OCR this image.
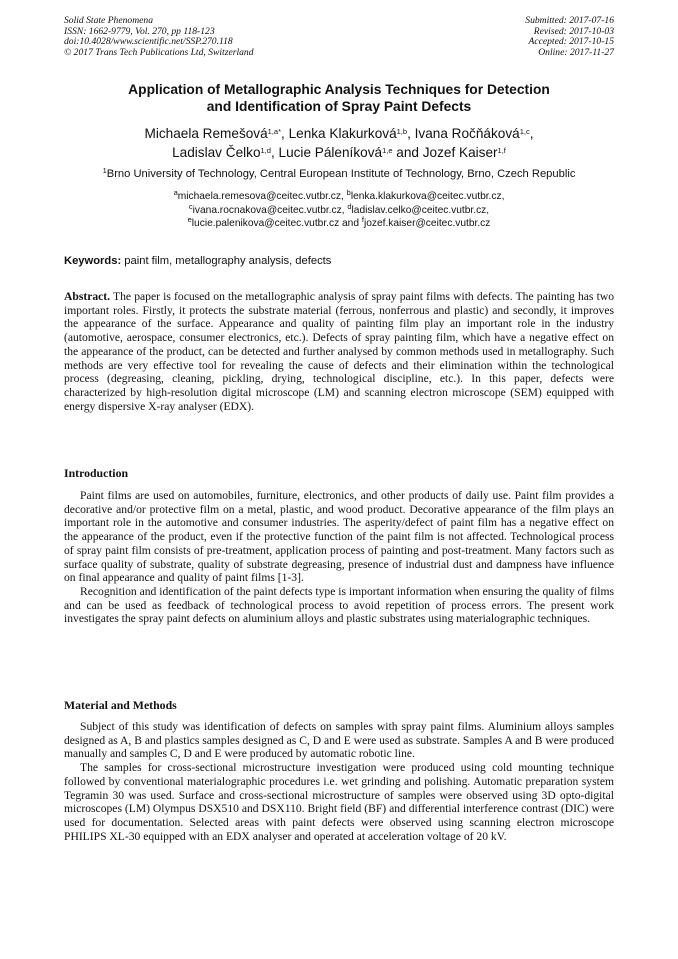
Solid State Phenomena
ISSN: 1662-9779, Vol. 270, pp 118-123
doi:10.4028/www.scientific.net/SSP.270.118
© 2017 Trans Tech Publications Ltd, Switzerland
Submitted: 2017-07-16
Revised: 2017-10-03
Accepted: 2017-10-15
Online: 2017-11-27
Application of Metallographic Analysis Techniques for Detection
and Identification of Spray Paint Defects
Michaela Remešová$^{1,a*}$, Lenka Klakurková$^{1,b}$, Ivana Ročňáková$^{1,c}$,
Ladislav Čelko$^{1,d}$, Lucie Páleníková$^{1,e}$ and Jozef Kaiser$^{1,f}$
$^1$Brno University of Technology, Central European Institute of Technology, Brno, Czech Republic
$^a$michaela.remesova@ceitec.vutbr.cz, $^b$lenka.klakurkova@ceitec.vutbr.cz,
$^c$ivana.rocnakova@ceitec.vutbr.cz, $^d$ladislav.celko@ceitec.vutbr.cz,
$^e$lucie.palenikova@ceitec.vutbr.cz and $^f$jozef.kaiser@ceitec.vutbr.cz
Keywords: paint film, metallography analysis, defects
Abstract. The paper is focused on the metallographic analysis of spray paint films with defects. The painting has two important roles. Firstly, it protects the substrate material (ferrous, nonferrous and plastic) and secondly, it improves the appearance of the surface. Appearance and quality of painting film play an important role in the industry (automotive, aerospace, consumer electronics, etc.). Defects of spray painting film, which have a negative effect on the appearance of the product, can be detected and further analysed by common methods used in metallography. Such methods are very effective tool for revealing the cause of defects and their elimination within the technological process (degreasing, cleaning, pickling, drying, technological discipline, etc.). In this paper, defects were characterized by high-resolution digital microscope (LM) and scanning electron microscope (SEM) equipped with energy dispersive X-ray analyser (EDX).
Introduction

Paint films are used on automobiles, furniture, electronics, and other products of daily use. Paint film provides a decorative and/or protective film on a metal, plastic, and wood product. Decorative appearance of the film plays an important role in the automotive and consumer industries. The asperity/defect of paint film has a negative effect on the appearance of the product, even if the protective function of the paint film is not affected. Technological process of spray paint film consists of pre-treatment, application process of painting and post-treatment. Many factors such as surface quality of substrate, quality of substrate degreasing, presence of industrial dust and dampness have influence on final appearance and quality of paint films [1-3].

Recognition and identification of the paint defects type is important information when ensuring the quality of films and can be used as feedback of technological process to avoid repetition of process errors. The present work investigates the spray paint defects on aluminium alloys and plastic substrates using materialographic techniques.

Material and Methods

Subject of this study was identification of defects on samples with spray paint films. Aluminium alloys samples designed as A, B and plastics samples designed as C, D and E were used as substrate. Samples A and B were produced manually and samples C, D and E were produced by automatic robotic line.

The samples for cross-sectional microstructure investigation were produced using cold mounting technique followed by conventional materialographic procedures i.e. wet grinding and polishing. Automatic preparation system Tegramin 30 was used. Surface and cross-sectional microstructure of samples were observed using 3D opto-digital microscopes (LM) Olympus DSX510 and DSX110. Bright field (BF) and differential interference contrast (DIC) were used for documentation. Selected areas with paint defects were observed using scanning electron microscope PHILIPS XL-30 equipped with an EDX analyser and operated at acceleration voltage of 20 kV.
